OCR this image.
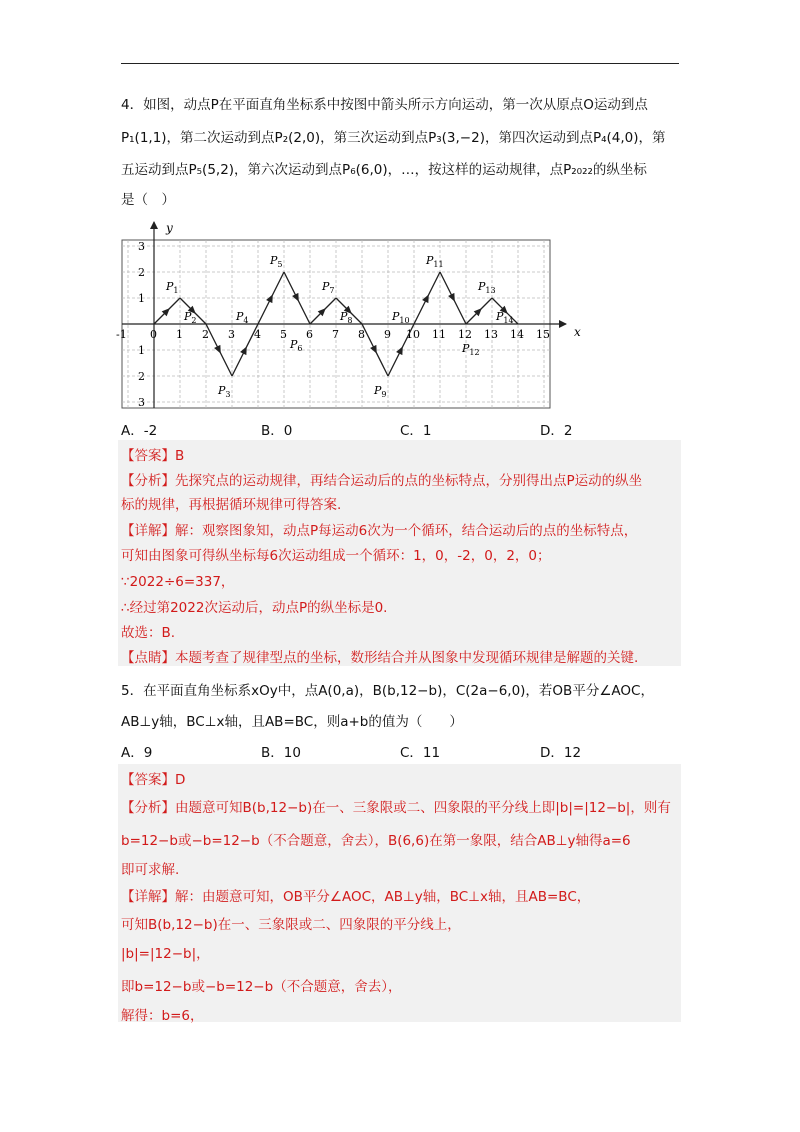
4．如图，动点P在平面直角坐标系中按图中箭头所示方向运动，第一次从原点O运动到点
P₁(1,1)，第二次运动到点P₂(2,0)，第三次运动到点P₃(3,−2)，第四次运动到点P₄(4,0)，第
五运动到点P₅(5,2)，第六次运动到点P₆(6,0)，…，按这样的运动规律，点P₂₀₂₂的纵坐标
是（　）
x
y
-1 0 1 2 3 4 5 6 7 8 9 10 11 12 13 14 15
3
2
1
1
2
3
$P_1$
$P_2$
$P_3$
$P_4$
$P_5$
$P_6$
$P_7$
$P_8$
$P_9$
$P_{10}$
$P_{11}$
$P_{12}$
$P_{13}$
$P_{14}$
A．-2	B．0	C．1	D．2
【答案】B
【分析】先探究点的运动规律，再结合运动后的点的坐标特点，分别得出点P运动的纵坐
标的规律，再根据循环规律可得答案.
【详解】解：观察图象知，动点P每运动6次为一个循环，结合运动后的点的坐标特点，
可知由图象可得纵坐标每6次运动组成一个循环：1，0，-2，0，2，0；
∵2022÷6=337，
∴经过第2022次运动后，动点P的纵坐标是0.
故选：B.
【点睛】本题考查了规律型点的坐标，数形结合并从图象中发现循环规律是解题的关键.
5．在平面直角坐标系xOy中，点A(0,a)，B(b,12−b)，C(2a−6,0)，若OB平分∠AOC，
AB⊥y轴，BC⊥x轴，且AB=BC，则a+b的值为（　　）
A．9	B．10	C．11	D．12
【答案】D
【分析】由题意可知B(b,12−b)在一、三象限或二、四象限的平分线上即|b|=|12−b|，则有
b=12−b或−b=12−b（不合题意，舍去），B(6,6)在第一象限，结合AB⊥y轴得a=6
即可求解.
【详解】解：由题意可知，OB平分∠AOC，AB⊥y轴，BC⊥x轴，且AB=BC，
可知B(b,12−b)在一、三象限或二、四象限的平分线上，
|b|=|12−b|，
即b=12−b或−b=12−b（不合题意，舍去），
解得：b=6，
